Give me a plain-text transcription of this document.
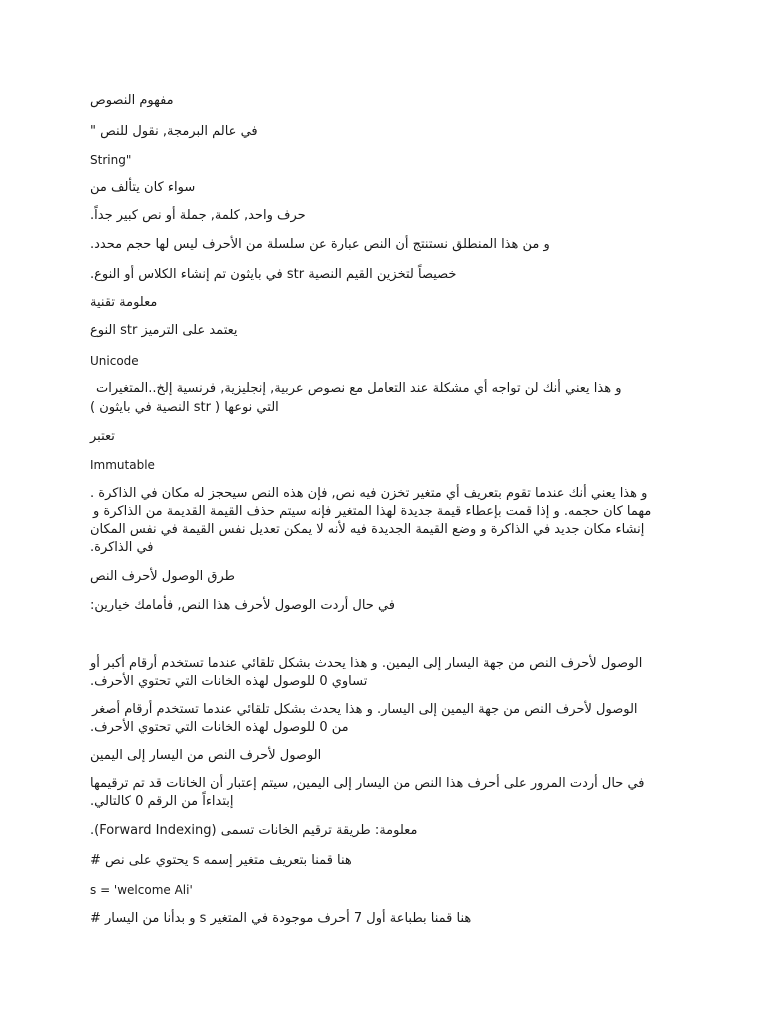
مفهوم النصوص
في عالم البرمجة, نقول للنص "
String"
سواء كان يتألف من
حرف واحد, كلمة, جملة أو نص كبير جداً.
و من هذا المنطلق نستنتج أن النص عبارة عن سلسلة من الأحرف ليس لها حجم محدد.
خصيصاً لتخزين القيم النصية str في بايثون تم إنشاء الكلاس أو النوع.
معلومة تقنية
يعتمد على الترميز str النوع
Unicode
و هذا يعني أنك لن تواجه أي مشكلة عند التعامل مع نصوص عربية, إنجليزية, فرنسية إلخ..المتغيرات
التي نوعها ( str النصية في بايثون )
تعتبر
Immutable
و هذا يعني أنك عندما تقوم بتعريف أي متغير تخزن فيه نص, فإن هذه النص سيحجز له مكان في الذاكرة .
مهما كان حجمه. و إذا قمت بإعطاء قيمة جديدة لهذا المتغير فإنه سيتم حذف القيمة القديمة من الذاكرة و
إنشاء مكان جديد في الذاكرة و وضع القيمة الجديدة فيه لأنه لا يمكن تعديل نفس القيمة في نفس المكان
في الذاكرة.
طرق الوصول لأحرف النص
في حال أردت الوصول لأحرف هذا النص, فأمامك خيارين:
الوصول لأحرف النص من جهة اليسار إلى اليمين. و هذا يحدث بشكل تلقائي عندما تستخدم أرقام أكبر أو
تساوي 0 للوصول لهذه الخانات التي تحتوي الأحرف.
الوصول لأحرف النص من جهة اليمين إلى اليسار. و هذا يحدث بشكل تلقائي عندما تستخدم أرقام أصغر
من 0 للوصول لهذه الخانات التي تحتوي الأحرف.
الوصول لأحرف النص من اليسار إلى اليمين
في حال أردت المرور على أحرف هذا النص من اليسار إلى اليمين, سيتم إعتبار أن الخانات قد تم ترقيمها
إبتداءاً من الرقم 0 كالتالي.
معلومة: طريقة ترقيم الخانات تسمى (Forward Indexing).
هنا قمنا بتعريف متغير إسمه s يحتوي على نص #
s = 'welcome Ali'
هنا قمنا بطباعة أول 7 أحرف موجودة في المتغير s و بدأنا من اليسار #
